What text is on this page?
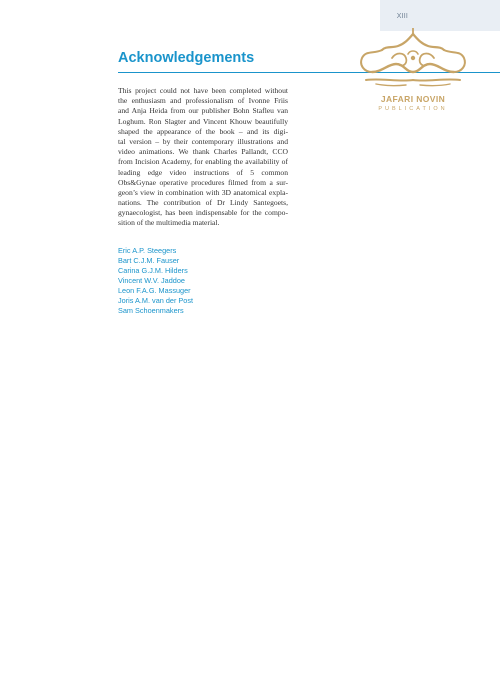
XIII
Acknowledgements
JAFARI NOVIN
PUBLICATION
This project could not have been completed without
the enthusiasm and professionalism of Ivonne Friis
and Anja Heida from our publisher Bohn Stafleu van
Loghum. Ron Slagter and Vincent Khouw beautifully
shaped the appearance of the book – and its digi-
tal version – by their contemporary illustrations and
video animations. We thank Charles Pallandt, CCO
from Incision Academy, for enabling the availability of
leading edge video instructions of 5 common
Obs&Gynae operative procedures filmed from a sur-
geon’s view in combination with 3D anatomical expla-
nations. The contribution of Dr Lindy Santegoets,
gynaecologist, has been indispensable for the compo-
sition of the multimedia material.
Eric A.P. Steegers
Bart C.J.M. Fauser
Carina G.J.M. Hilders
Vincent W.V. Jaddoe
Leon F.A.G. Massuger
Joris A.M. van der Post
Sam Schoenmakers
